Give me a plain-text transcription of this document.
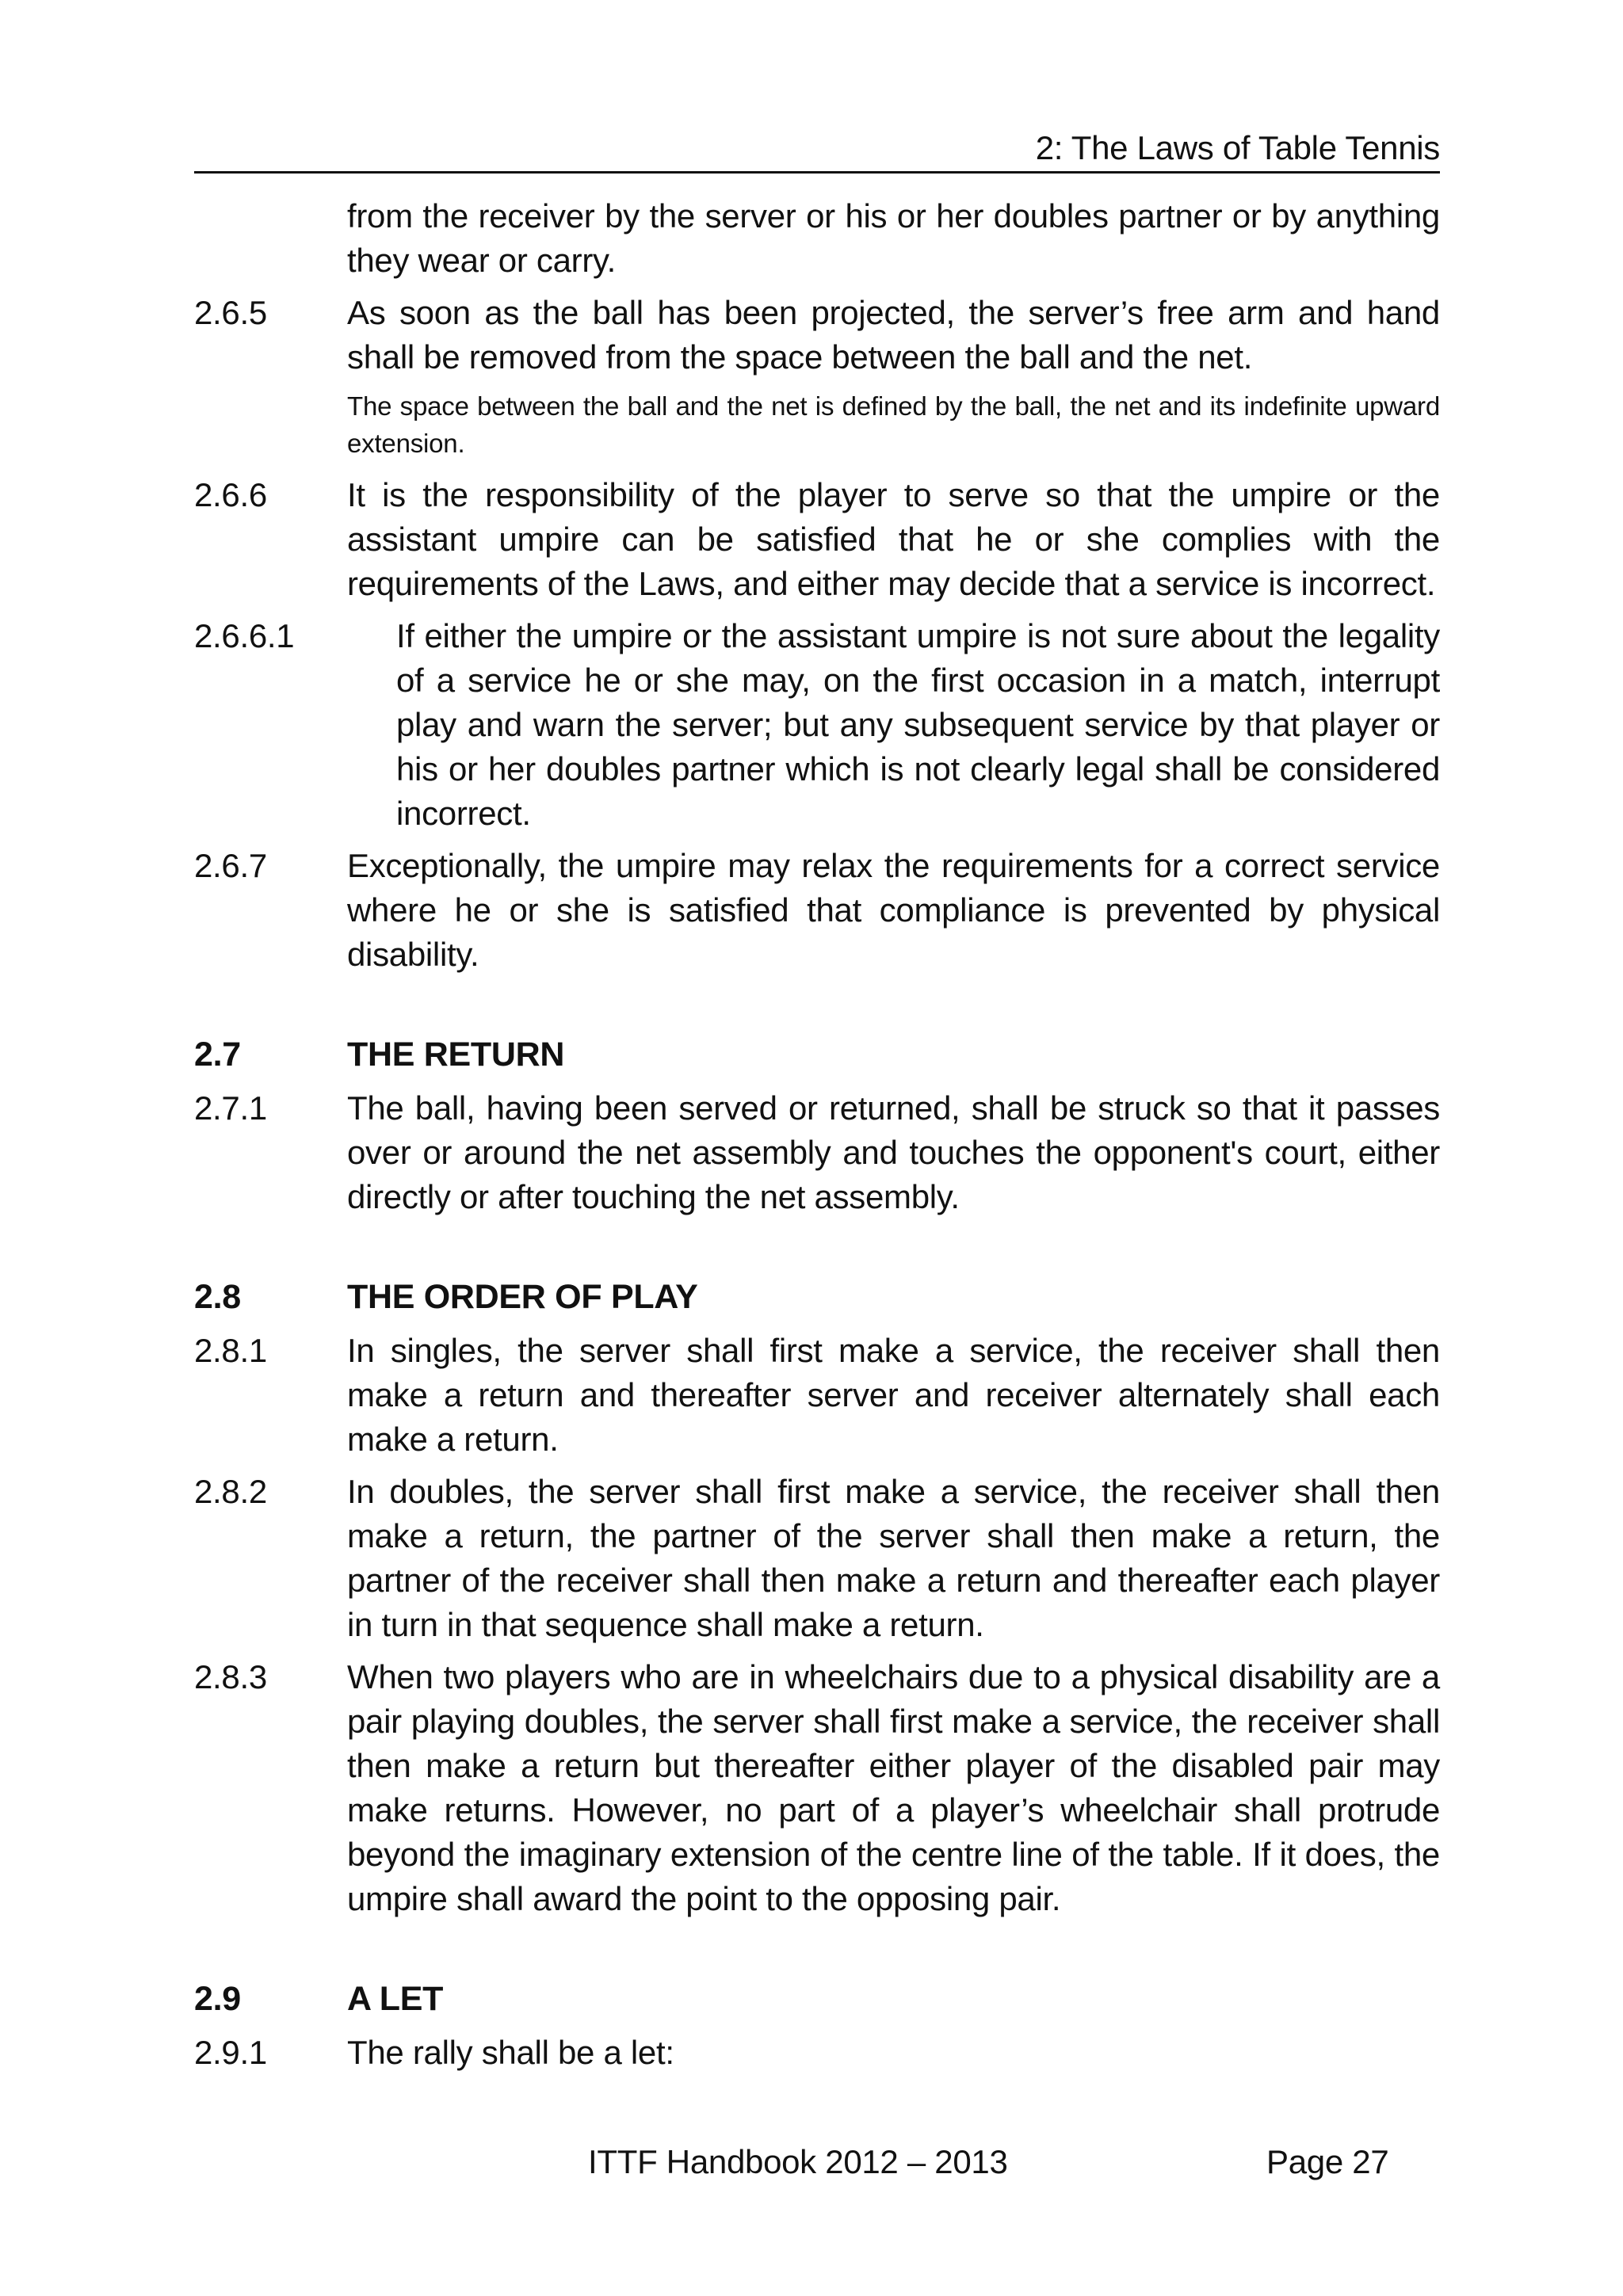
2: The Laws of Table Tennis
from the receiver by the server or his or her doubles partner or by anything they wear or carry.
2.6.5	As soon as the ball has been projected, the server’s free arm and hand shall be removed from the space between the ball and the net.
The space between the ball and the net is defined by the ball, the net and its indefinite upward extension.
2.6.6	It is the responsibility of the player to serve so that the umpire or the assistant umpire can be satisfied that he or she complies with the requirements of the Laws, and either may decide that a service is incorrect.
2.6.6.1	If either the umpire or the assistant umpire is not sure about the legality of a service he or she may, on the first occasion in a match, interrupt play and warn the server; but any subsequent service by that player or his or her doubles partner which is not clearly legal shall be considered incorrect.
2.6.7	Exceptionally, the umpire may relax the requirements for a correct service where he or she is satisfied that compliance is prevented by physical disability.
2.7	THE RETURN
2.7.1	The ball, having been served or returned, shall be struck so that it passes over or around the net assembly and touches the opponent's court, either directly or after touching the net assembly.
2.8	THE ORDER OF PLAY
2.8.1	In singles, the server shall first make a service, the receiver shall then make a return and thereafter server and receiver alternately shall each make a return.
2.8.2	In doubles, the server shall first make a service, the receiver shall then make a return, the partner of the server shall then make a return, the partner of the receiver shall then make a return and thereafter each player in turn in that sequence shall make a return.
2.8.3	When two players who are in wheelchairs due to a physical disability are a pair playing doubles, the server shall first make a service, the receiver shall then make a return but thereafter either player of the disabled pair may make returns. However, no part of a player’s wheelchair shall protrude beyond the imaginary extension of the centre line of the table. If it does, the umpire shall award the point to the opposing pair.
2.9	A LET
2.9.1	The rally shall be a let:
ITTF Handbook 2012 – 2013	Page 27
